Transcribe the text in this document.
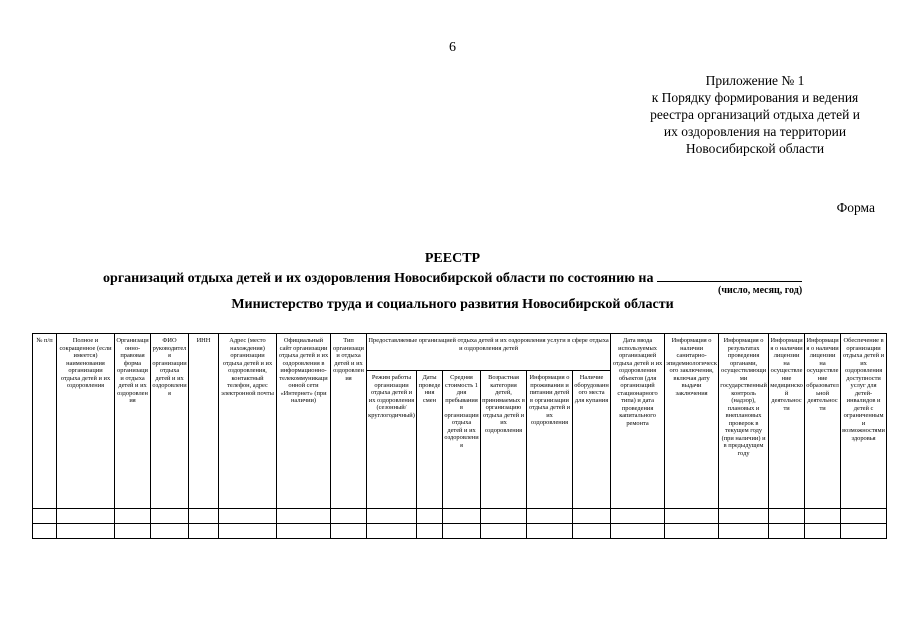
6
Приложение № 1
к Порядку формирования и ведения
реестра организаций отдыха детей и
их оздоровления на территории
Новосибирской области
Форма
РЕЕСТР
организаций отдыха детей и их оздоровления Новосибирской области по состоянию на
(число, месяц, год)
Министерство труда и социального развития Новосибирской области
№ п/п	Полное и сокращенное (если имеется) наименования организации отдыха детей и их оздоровления	Организационно-правовая форма организации отдыха детей и их оздоровления	ФИО руководителя организации отдыха детей и их оздоровления	ИНН	Адрес (место нахождения) организации отдыха детей и их оздоровления, контактный телефон, адрес электронной почты	Официальный сайт организации отдыха детей и их оздоровления в информационно-телекоммуникационной сети «Интернет» (при наличии)	Тип организации отдыха детей и их оздоровления	Предоставляемые организацией отдыха детей и их оздоровления услуги в сфере отдыха и оздоровления детей						Дата ввода используемых организацией отдыха детей и их оздоровления объектов (для организаций стационарного типа) и дата проведения капитального ремонта	Информация о наличии санитарно-эпидемиологического заключения, включая дату выдачи заключения	Информация о результатах проведения органами, осуществляющими государственный контроль (надзор), плановых и внеплановых проверок в текущем году (при наличии) и в предыдущем году	Информация о наличии лицензии на осуществление медицинской деятельности	Информация о наличии лицензии на осуществление образовательной деятельности	Обеспечение в организации отдыха детей и их оздоровления доступности услуг для детей-инвалидов и детей с ограниченными возможностями здоровья
								Режим работы организации отдыха детей и их оздоровления (сезонный/круглогодичный)	Даты проведения смен	Средняя стоимость 1 дня пребывания в организации отдыха детей и их оздоровления	Возрастная категория детей, принимаемых в организацию отдыха детей и их оздоровления	Информация о проживании и питании детей в организации отдыха детей и их оздоровления	Наличие оборудованного места для купания						
